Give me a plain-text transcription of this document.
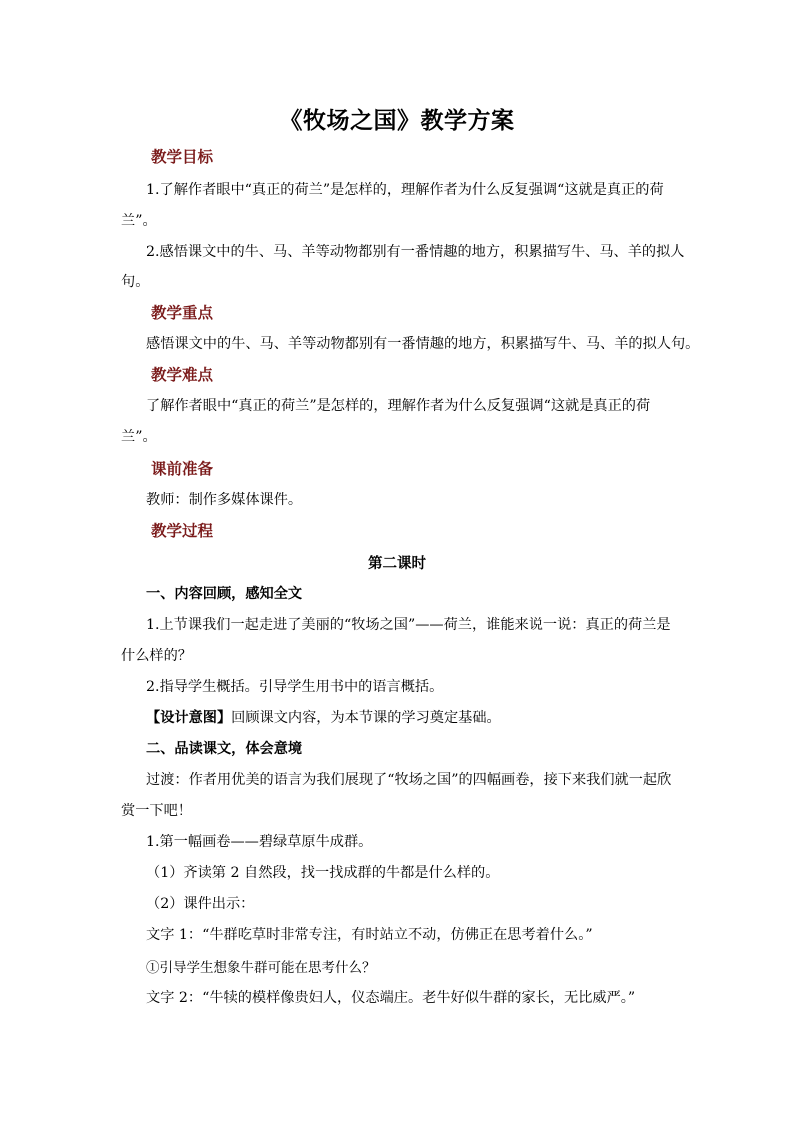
《牧场之国》教学方案
教学目标
1.了解作者眼中“真正的荷兰”是怎样的，理解作者为什么反复强调“这就是真正的荷
兰”。
2.感悟课文中的牛、马、羊等动物都别有一番情趣的地方，积累描写牛、马、羊的拟人
句。
教学重点
感悟课文中的牛、马、羊等动物都别有一番情趣的地方，积累描写牛、马、羊的拟人句。
教学难点
了解作者眼中“真正的荷兰”是怎样的，理解作者为什么反复强调“这就是真正的荷
兰”。
课前准备
教师：制作多媒体课件。
教学过程
第二课时
一、内容回顾，感知全文
1.上节课我们一起走进了美丽的“牧场之国”——荷兰，谁能来说一说：真正的荷兰是
什么样的？
2.指导学生概括。引导学生用书中的语言概括。
【设计意图】回顾课文内容，为本节课的学习奠定基础。
二、品读课文，体会意境
过渡：作者用优美的语言为我们展现了“牧场之国”的四幅画卷，接下来我们就一起欣
赏一下吧！
1.第一幅画卷——碧绿草原牛成群。
（1）齐读第 2 自然段，找一找成群的牛都是什么样的。
（2）课件出示：
文字 1：“牛群吃草时非常专注，有时站立不动，仿佛正在思考着什么。”
①引导学生想象牛群可能在思考什么？
文字 2：“牛犊的模样像贵妇人，仪态端庄。老牛好似牛群的家长，无比威严。”
